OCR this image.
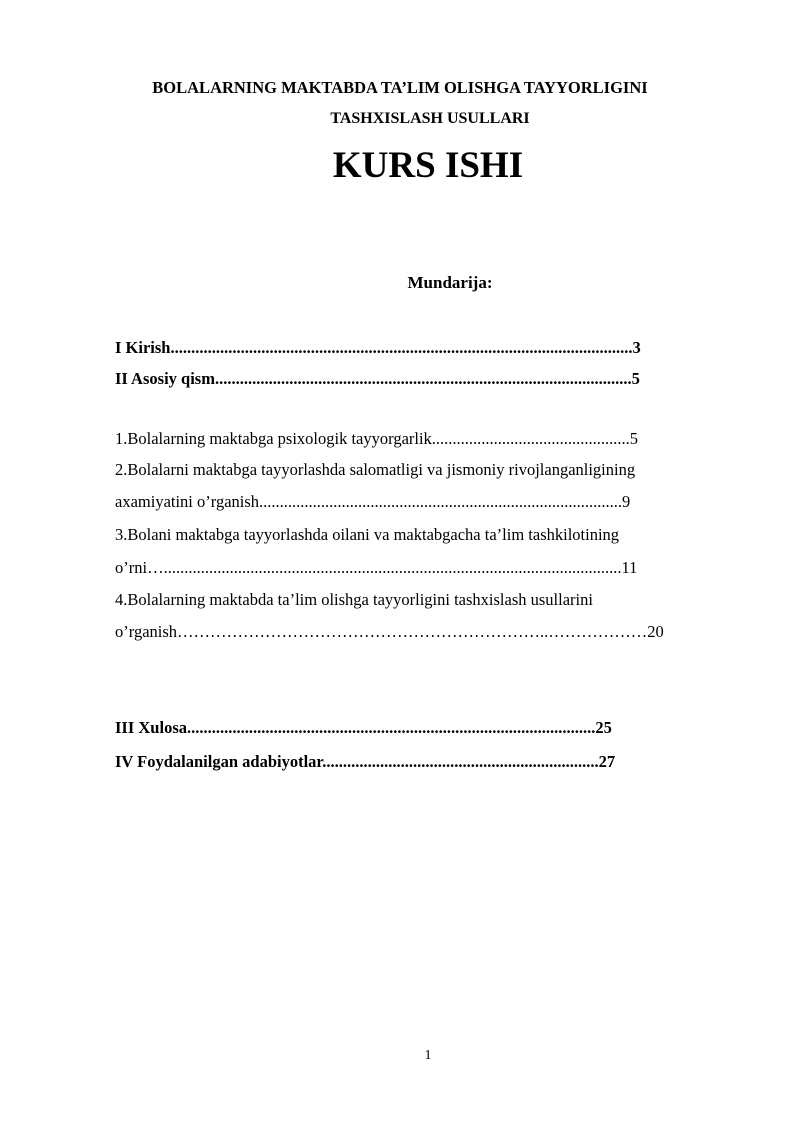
BOLALARNING MAKTABDA TA’LIM OLISHGA TAYYORLIGINI
TASHXISLASH USULLARI
KURS ISHI
Mundarija:
I Kirish................................................................................................................3
II Asosiy qism.....................................................................................................5
1.Bolalarning maktabga psixologik tayyorgarlik................................................5
2.Bolalarni maktabga tayyorlashda salomatligi va jismoniy rivojlanganligining
axamiyatini o’rganish........................................................................................9
3.Bolani maktabga tayyorlashda oilani va maktabgacha ta’lim tashkilotining
o’rni…...............................................................................................................11
4.Bolalarning maktabda ta’lim olishga tayyorligini tashxislash usullarini
o’rganish…………………………………………………………..………………20
III Xulosa...................................................................................................25
IV Foydalanilgan adabiyotlar...................................................................27
1
